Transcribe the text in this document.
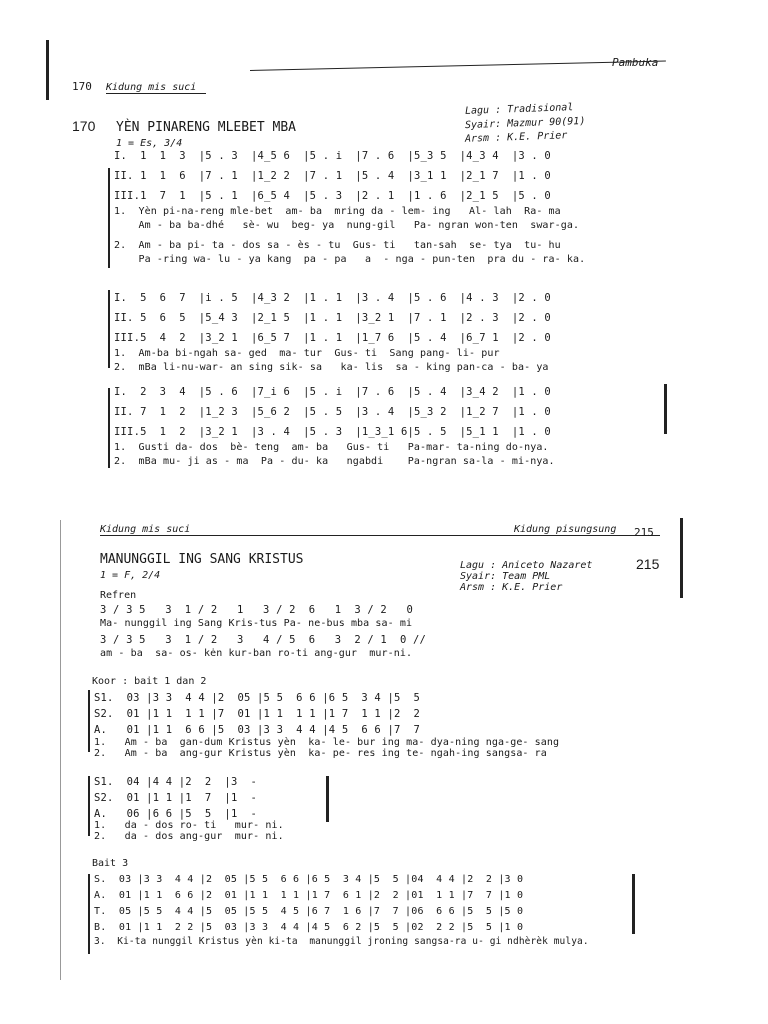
Pambuka
170 Kidung mis suci
170 YÈN PINARENG MLEBET MBA
1 = Es, 3/4
Lagu : Tradisional
Syair: Mazmur 90(91)
Arsm : K.E. Prier
I.  1  1  3  |5 . 3  |4_5 6  |5 . i  |7 . 6  |5_3 5  |4_3 4  |3 . 0
II. 1  1  6  |7 . 1  |1_2 2  |7 . 1  |5 . 4  |3_1 1  |2_1 7  |1 . 0
III.1  7  1  |5 . 1  |6_5 4  |5 . 3  |2 . 1  |1 . 6  |2_1 5  |5 . 0
1.  Yèn pi-na-reng mle-bet  am- ba  mring da - lem- ing   Al- lah  Ra- ma
Am - ba ba-dhé   sè- wu  beg- ya  nung-gil   Pa- ngran won-ten  swar-ga.
2.  Am - ba pi- ta - dos sa - ès - tu  Gus- ti   tan-sah  se- tya  tu- hu
Pa -ring wa- lu - ya kang  pa - pa   a  - nga - pun-ten  pra du - ra- ka.
I.  5  6  7  |i . 5  |4_3 2  |1 . 1  |3 . 4  |5 . 6  |4 . 3  |2 . 0
II. 5  6  5  |5_4 3  |2_1 5  |1 . 1  |3_2 1  |7 . 1  |2 . 3  |2 . 0
III.5  4  2  |3_2 1  |6_5 7  |1 . 1  |1_7 6  |5 . 4  |6_7 1  |2 . 0
1.  Am-ba bi-ngah sa- ged  ma- tur  Gus- ti  Sang pang- li- pur
2.  mBa li-nu-war- an sing sik- sa   ka- lis  sa - king pan-ca - ba- ya
I.  2  3  4  |5 . 6  |7_i 6  |5 . i  |7 . 6  |5 . 4  |3_4 2  |1 . 0
II. 7  1  2  |1_2 3  |5_6 2  |5 . 5  |3 . 4  |5_3 2  |1_2 7  |1 . 0
III.5  1  2  |3_2 1  |3 . 4  |5 . 3  |1_3_1 6|5 . 5  |5_1 1  |1 . 0
1.  Gusti da- dos  bè- teng  am- ba   Gus- ti   Pa-mar- ta-ning do-nya.
2.  mBa mu- ji as - ma  Pa - du- ka   ngabdi    Pa-ngran sa-la - mi-nya.
Kidung mis suci	Kidung pisungsung 215
MANUNGGIL ING SANG KRISTUS
1 = F, 2/4
215
Lagu : Aniceto Nazaret
Syair: Team PML
Arsm : K.E. Prier
Refren
3 / 3 5   3  1 / 2   1   3 / 2  6   1  3 / 2   0
Ma- nunggil ing Sang Kris-tus Pa- ne-bus mba sa- mi
3 / 3 5   3  1 / 2   3   4 / 5  6   3  2 / 1  0 //
am - ba  sa- os- kėn kur-ban ro-ti ang-gur  mur-ni.
Koor : bait 1 dan 2
S1.  03 |3 3  4 4 |2  05 |5 5  6 6 |6 5  3 4 |5  5
S2.  01 |1 1  1 1 |7  01 |1 1  1 1 |1 7  1 1 |2  2
A.   01 |1 1  6 6 |5  03 |3 3  4 4 |4 5  6 6 |7  7
1.   Am - ba  gan-dum Kristus yèn  ka- le- bur ing ma- dya-ning nga-ge- sang
2.   Am - ba  ang-gur Kristus yèn  ka- pe- res ing te- ngah-ing sangsa- ra
S1.  04 |4 4 |2  2  |3  -
S2.  01 |1 1 |1  7  |1  -
A.   06 |6 6 |5  5  |1  -
1.   da - dos ro- ti   mur- ni.
2.   da - dos ang-gur  mur- ni.
Bait 3
S.  03 |3 3  4 4 |2  05 |5 5  6 6 |6 5  3 4 |5  5 |04  4 4 |2  2 |3 0
A.  01 |1 1  6 6 |2  01 |1 1  1 1 |1 7  6 1 |2  2 |01  1 1 |7  7 |1 0
T.  05 |5 5  4 4 |5  05 |5 5  4 5 |6 7  1 6 |7  7 |06  6 6 |5  5 |5 0
B.  01 |1 1  2 2 |5  03 |3 3  4 4 |4 5  6 2 |5  5 |02  2 2 |5  5 |1 0
3.  Ki-ta nunggil Kristus yèn ki-ta  manunggil jroning sangsa-ra u- gi ndhèrèk mulya.
